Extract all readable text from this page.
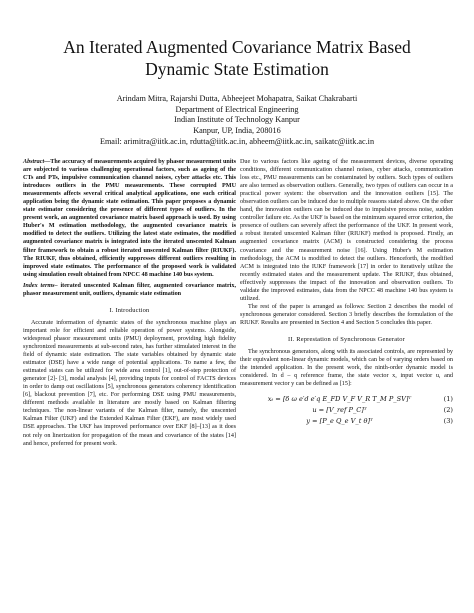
An Iterated Augmented Covariance Matrix Based
Dynamic State Estimation
Arindam Mitra, Rajarshi Dutta, Abheejeet Mohapatra, Saikat Chakrabarti
Department of Electrical Engineering
Indian Institute of Technology Kanpur
Kanpur, UP, India, 208016
Email: arimitra@iitk.ac.in, rdutta@iitk.ac.in, abheem@iitk.ac.in, saikatc@iitk.ac.in
Abstract—The accuracy of measurements acquired by phasor measurement units are subjected to various challenging operational factors, such as ageing of the CTs and PTs, impulsive communication channel noises, cyber attacks etc. This introduces outliers in the PMU measurements. These corrupted PMU measurements affects several critical analytical applications, one such critical application being the dynamic state estimation. This paper proposes a dynamic state estimator considering the presence of different types of outliers. In the present work, an augmented covariance matrix based approach is used. By using Huber's M estimation methodology, the augmented covariance matrix is modified to detect the outliers. Utilizing the latest state estimates, the modified augmented covariance matrix is integrated into the iterated unscented Kalman filter framework to obtain a robust iterated unscented Kalman filter (RIUKF). The RIUKF, thus obtained, efficiently suppresses different outliers resulting in improved state estimates. The performance of the proposed work is validated using simulation result obtained from NPCC 48 machine 140 bus system.
Index terms– iterated unscented Kalman filter, augmented covariance matrix, phasor measurement unit, outliers, dynamic state estimation
I. Introduction

Accurate information of dynamic states of the synchronous machine plays an important role for efficient and reliable operation of power systems. Alongside, widespread phasor measurement units (PMU) deployment, providing high fidelity synchronized measurements at sub-second rates, has further stimulated interest in the field of dynamic state estimation. The state variables obtained by dynamic state estimator (DSE) have a wide range of potential applications. To name a few, the estimated states can be utilized for wide area control [1], out-of-step protection of generator [2]- [3], modal analysis [4], providing inputs for control of FACTS devices in order to damp out oscillations [5], synchronous generators coherency identification [6], blackout prevention [7], etc. For performing DSE using PMU measurements, different methods available in literature are mostly based on Kalman filtering techniques. The non-linear variants of the Kalman filter, namely, the unscented Kalman Filter (UKF) and the Extended Kalman Filter (EKF), are most widely used DSE approaches. The UKF has improved performance over EKF [8]–[13] as it does not rely on linerization for propagation of the mean and covariance of the states [14] and hence, preferred for present work.

Due to various factors like ageing of the measurement devices, diverse operating conditions, different communication channel noises, cyber attacks, communication loss etc., PMU measurements can be contaminated by outliers. Such types of outliers are also termed as observation outliers. Generally, two types of outliers can occur in a practical power system: the observation and the innovation outliers [15]. The observation outliers can be induced due to multiple reasons stated above. On the other hand, the innovation outliers can be induced due to impulsive process noise, sudden controller failure etc. As the UKF is based on the minimum squared error criterion, the presence of outliers can severely affect the performance of the UKF. In present work, a robust iterated unscented Kalman filter (RIUKF) method is proposed. Firstly, an augmented covariance matrix (ACM) is constructed considering the process covariance and the measurement noise [16]. Using Huber's M estimation methodology, the ACM is modified to detect the outliers. Henceforth, the modified ACM is integrated into the IUKF framework [17] in order to iteratively utilize the recently estimated states and the measurement update. The RIUKF, thus obtained, effectively suppresses the impact of the innovation and observation outliers. To validate the improved estimates, data from the NPCC 48 machine 140 bus system is utilized.

The rest of the paper is arranged as follows: Section 2 describes the model of synchronous generator considered. Section 3 briefly describes the formulation of the RIUKF. Results are presented in Section 4 and Section 5 concludes this paper.

II. Represtation of Synchronous Generator

The synchronous generators, along with its associated controls, are represented by their equivalent non-linear dynamic models, which can be of varying orders based on the intended application. In the present work, the ninth-order dynamic model is considered. In d – q reference frame, the state vector x, input vector u, and measurement vector y can be defined as [15]:

xₜ = [δ ω e′d e′q E_FD V_F V_R T_M P_SV]ᵀ	(1)
u = [V_ref P_C]ᵀ	(2)
y = [P_e Q_e V_t θ]ᵀ	(3)
